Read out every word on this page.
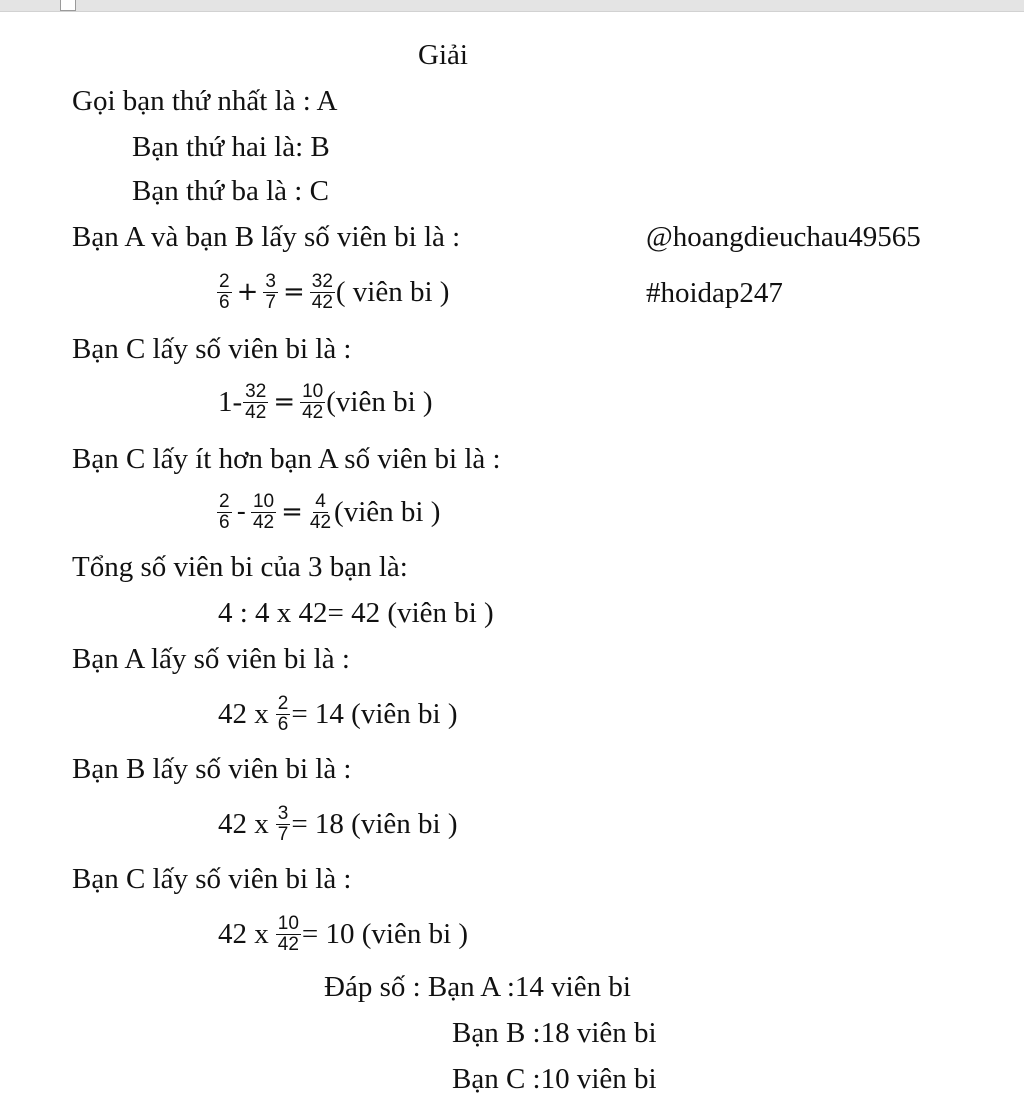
Giải
Gọi bạn thứ nhất là : A
Bạn thứ hai là: B
Bạn thứ ba là : C
Bạn A và bạn B lấy số viên bi là :	@hoangdieuchau49565
$\frac{2}{6} + \frac{3}{7} = \frac{32}{42}$ ( viên bi )	#hoidap247
Bạn C lấy số viên bi là :
$1- \frac{32}{42} = \frac{10}{42}$ (viên bi )
Bạn C lấy ít hơn bạn A số viên bi là :
$\frac{2}{6} - \frac{10}{42} = \frac{4}{42}$ (viên bi )
Tổng số viên bi của 3 bạn là:
4 : 4 x 42= 42 (viên bi )
Bạn A lấy số viên bi là :
42 x $\frac{2}{6} = 14$ (viên bi )
Bạn B lấy số viên bi là :
42 x $\frac{3}{7} = 18$ (viên bi )
Bạn C lấy số viên bi là :
42 x $\frac{10}{42} = 10$ (viên bi )
Đáp số : Bạn A :14 viên bi
Bạn B :18 viên bi
Bạn C :10 viên bi
